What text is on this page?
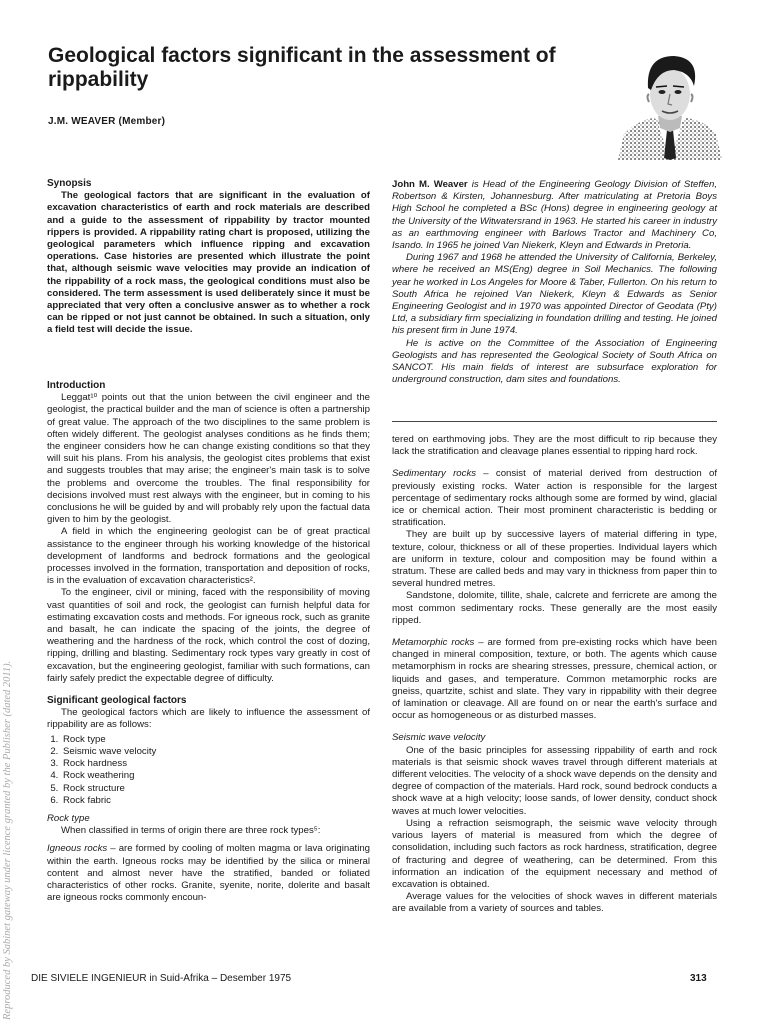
Geological factors significant in the assessment of rippability
J.M. WEAVER (Member)
Reproduced by Sabinet gateway under licence granted by the Publisher (dated 2011).
Synopsis

The geological factors that are significant in the evaluation of excavation characteristics of earth and rock materials are described and a guide to the assessment of rippability by tractor mounted rippers is provided. A rippability rating chart is proposed, utilizing the geological parameters which influence ripping and excavation operations. Case histories are presented which illustrate the point that, although seismic wave velocities may provide an indication of the rippability of a rock mass, the geological conditions must also be considered. The term assessment is used deliberately since it must be appreciated that very often a conclusive answer as to whether a rock can be ripped or not just cannot be obtained. In such a situation, only a field test will decide the issue.

Introduction

Leggat¹⁰ points out that the union between the civil engineer and the geologist, the practical builder and the man of science is often a partnership of great value. The approach of the two disciplines to the same problem is often widely different. The geologist analyses conditions as he finds them; the engineer considers how he can change existing conditions so that they will suit his plans. From his analysis, the geologist cites problems that exist and suggests troubles that may arise; the engineer's main task is to solve the problems and overcome the troubles. The final responsibility for decisions involved must rest always with the engineer, but in coming to his conclusions he will be guided by and will probably rely upon the factual data given to him by the geologist.

A field in which the engineering geologist can be of great practical assistance to the engineer through his working knowledge of the historical development of landforms and bedrock formations and the geological processes involved in the formation, transportation and deposition of rocks, is in the evaluation of excavation characteristics².

To the engineer, civil or mining, faced with the responsibility of moving vast quantities of soil and rock, the geologist can furnish helpful data for estimating excavation costs and methods. For igneous rock, such as granite and basalt, he can indicate the spacing of the joints, the degree of weathering and the hardness of the rock, which control the cost of dozing, ripping, drilling and blasting. Sedimentary rock types vary greatly in cost of excavation, but the engineering geologist, familiar with such formations, can fairly safely predict the expectable degree of difficulty.

Significant geological factors

The geological factors which are likely to influence the assessment of rippability are as follows:

1. Rock type
2. Seismic wave velocity
3. Rock hardness
4. Rock weathering
5. Rock structure
6. Rock fabric

Rock type

When classified in terms of origin there are three rock types⁵:

Igneous rocks – are formed by cooling of molten magma or lava originating within the earth. Igneous rocks may be identified by the silica or mineral content and almost never have the stratified, banded or foliated characteristics of other rocks. Granite, syenite, norite, dolerite and basalt are igneous rocks commonly encoun-

John M. Weaver is Head of the Engineering Geology Division of Steffen, Robertson & Kirsten, Johannesburg. After matriculating at Pretoria Boys High School he completed a BSc (Hons) degree in engineering geology at the University of the Witwatersrand in 1963. He started his career in industry as an earthmoving engineer with Barlows Tractor and Machinery Co, Isando. In 1965 he joined Van Niekerk, Kleyn and Edwards in Pretoria.

During 1967 and 1968 he attended the University of California, Berkeley, where he received an MS(Eng) degree in Soil Mechanics. The following year he worked in Los Angeles for Moore & Taber, Fullerton. On his return to South Africa he rejoined Van Niekerk, Kleyn & Edwards as Senior Engineering Geologist and in 1970 was appointed Director of Geodata (Pty) Ltd, a subsidiary firm specializing in foundation drilling and testing. He joined his present firm in June 1974.

He is active on the Committee of the Association of Engineering Geologists and has represented the Geological Society of South Africa on SANCOT. His main fields of interest are subsurface exploration for underground construction, dam sites and foundations.

tered on earthmoving jobs. They are the most difficult to rip because they lack the stratification and cleavage planes essential to ripping hard rock.

Sedimentary rocks – consist of material derived from destruction of previously existing rocks. Water action is responsible for the largest percentage of sedimentary rocks although some are formed by wind, glacial ice or chemical action. Their most prominent characteristic is bedding or stratification.

They are built up by successive layers of material differing in type, texture, colour, thickness or all of these properties. Individual layers which are uniform in texture, colour and composition may be found within a stratum. These are called beds and may vary in thickness from paper thin to several hundred metres.

Sandstone, dolomite, tillite, shale, calcrete and ferricrete are among the most common sedimentary rocks. These generally are the most easily ripped.

Metamorphic rocks – are formed from pre-existing rocks which have been changed in mineral composition, texture, or both. The agents which cause metamorphism in rocks are shearing stresses, pressure, chemical action, or liquids and gases, and temperature. Common metamorphic rocks are gneiss, quartzite, schist and slate. They vary in rippability with their degree of lamination or cleavage. All are found on or near the earth's surface and occur as homogeneous or as disturbed masses.

Seismic wave velocity

One of the basic principles for assessing rippability of earth and rock materials is that seismic shock waves travel through different materials at different velocities. The velocity of a shock wave depends on the density and degree of compaction of the materials. Hard rock, sound bedrock conducts a shock wave at a high velocity; loose sands, of lower density, conduct shock waves at much lower velocities.

Using a refraction seismograph, the seismic wave velocity through various layers of material is measured from which the degree of consolidation, including such factors as rock hardness, stratification, degree of fracturing and degree of weathering, can be determined. From this information an indication of the equipment necessary and method of excavation is obtained.

Average values for the velocities of shock waves in different materials are available from a variety of sources and tables.

DIE SIVIELE INGENIEUR in Suid-Afrika – Desember 1975	313
